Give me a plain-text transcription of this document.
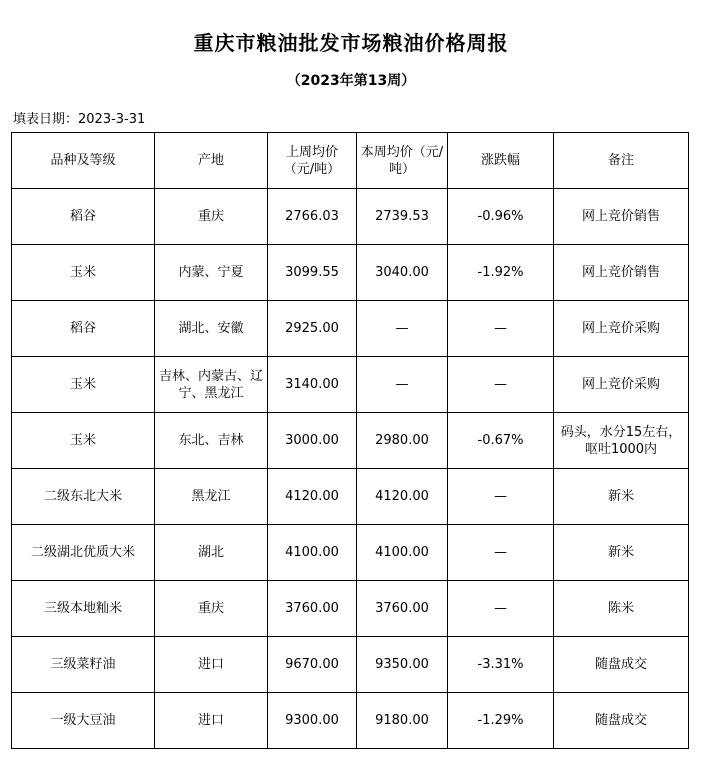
重庆市粮油批发市场粮油价格周报
（2023年第13周）
填表日期：2023-3-31
品种及等级	产地	上周均价（元/吨）	本周均价（元/吨）	涨跌幅	备注
稻谷	重庆	2766.03	2739.53	-0.96%	网上竞价销售
玉米	内蒙、宁夏	3099.55	3040.00	-1.92%	网上竞价销售
稻谷	湖北、安徽	2925.00	—	—	网上竞价采购
玉米	吉林、内蒙古、辽宁、黑龙江	3140.00	—	—	网上竞价采购
玉米	东北、吉林	3000.00	2980.00	-0.67%	码头，水分15左右，呕吐1000内
二级东北大米	黑龙江	4120.00	4120.00	—	新米
二级湖北优质大米	湖北	4100.00	4100.00	—	新米
三级本地籼米	重庆	3760.00	3760.00	—	陈米
三级菜籽油	进口	9670.00	9350.00	-3.31%	随盘成交
一级大豆油	进口	9300.00	9180.00	-1.29%	随盘成交
